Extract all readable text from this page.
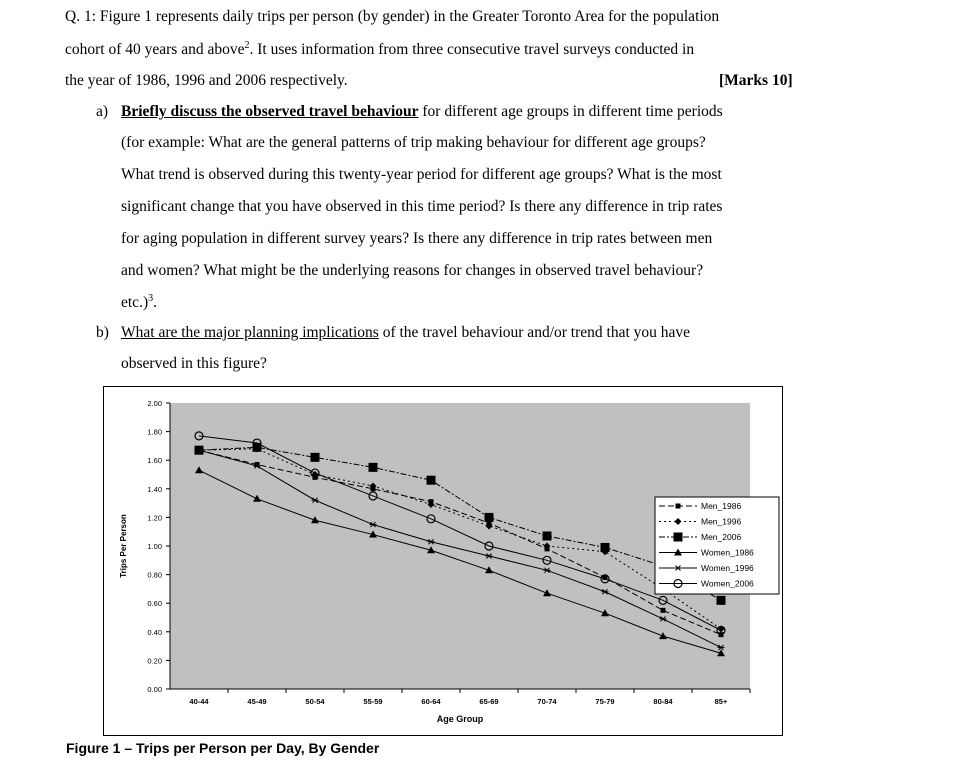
Q. 1: Figure 1 represents daily trips per person (by gender) in the Greater Toronto Area for the population
cohort of 40 years and above$^2$. It uses information from three consecutive travel surveys conducted in
the year of 1986, 1996 and 2006 respectively.	[Marks 10]
a) Briefly discuss the observed travel behaviour for different age groups in different time periods
(for example: What are the general patterns of trip making behaviour for different age groups?
What trend is observed during this twenty-year period for different age groups? What is the most
significant change that you have observed in this time period? Is there any difference in trip rates
for aging population in different survey years? Is there any difference in trip rates between men
and women? What might be the underlying reasons for changes in observed travel behaviour?
etc.)$^3$.
b) What are the major planning implications of the travel behaviour and/or trend that you have
observed in this figure?
0.00
0.20
0.40
0.60
0.80
1.00
1.20
1.40
1.60
1.80
2.00
40-44	45-49	50-54	55-59	60-64	65-69	70-74	75-79	80-84	85+
Age Group
Trips Per Person
Men_1986
Men_1996
Men_2006
Women_1986
Women_1996
Women_2006
Figure 1 – Trips per Person per Day, By Gender
